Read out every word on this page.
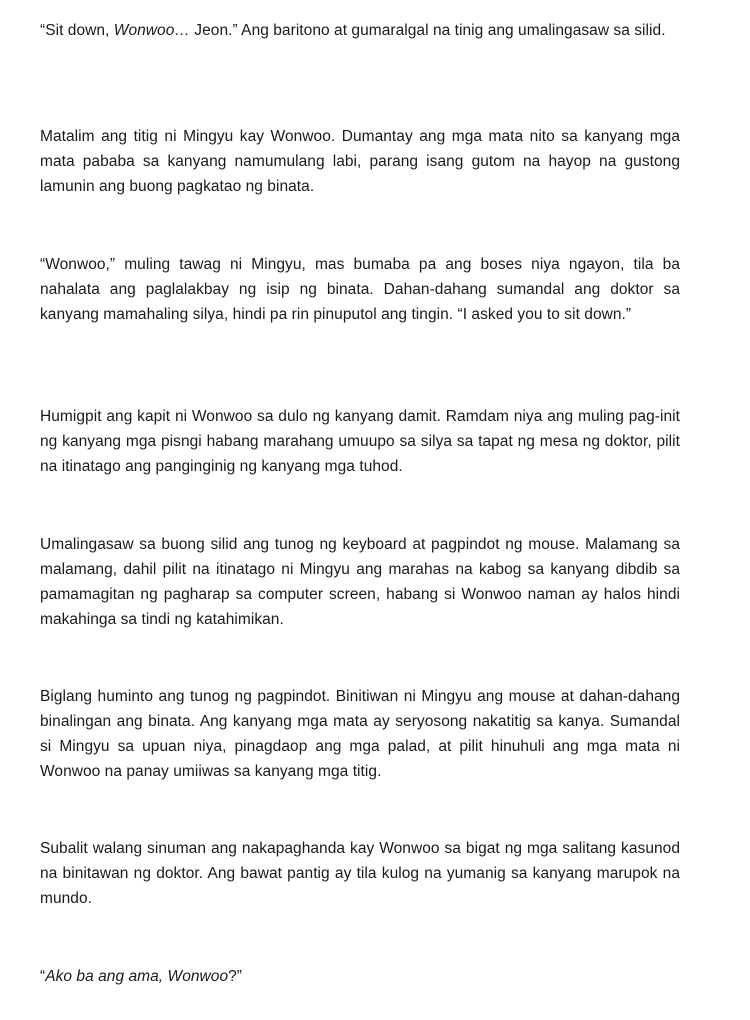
“Sit down, Wonwoo… Jeon.” Ang baritono at gumaralgal na tinig ang umalingasaw sa silid.

Matalim ang titig ni Mingyu kay Wonwoo. Dumantay ang mga mata nito sa kanyang mga mata pababa sa kanyang namumulang labi, parang isang gutom na hayop na gustong lamunin ang buong pagkatao ng binata.

“Wonwoo,” muling tawag ni Mingyu, mas bumaba pa ang boses niya ngayon, tila ba nahalata ang paglalakbay ng isip ng binata. Dahan-dahang sumandal ang doktor sa kanyang mamahaling silya, hindi pa rin pinuputol ang tingin. “I asked you to sit down.”

Humigpit ang kapit ni Wonwoo sa dulo ng kanyang damit. Ramdam niya ang muling pag-init ng kanyang mga pisngi habang marahang umuupo sa silya sa tapat ng mesa ng doktor, pilit na itinatago ang panginginig ng kanyang mga tuhod.

Umalingasaw sa buong silid ang tunog ng keyboard at pagpindot ng mouse. Malamang sa malamang, dahil pilit na itinatago ni Mingyu ang marahas na kabog sa kanyang dibdib sa pamamagitan ng pagharap sa computer screen, habang si Wonwoo naman ay halos hindi makahinga sa tindi ng katahimikan.

Biglang huminto ang tunog ng pagpindot. Binitiwan ni Mingyu ang mouse at dahan-dahang binalingan ang binata. Ang kanyang mga mata ay seryosong nakatitig sa kanya. Sumandal si Mingyu sa upuan niya, pinagdaop ang mga palad, at pilit hinuhuli ang mga mata ni Wonwoo na panay umiiwas sa kanyang mga titig.

Subalit walang sinuman ang nakapaghanda kay Wonwoo sa bigat ng mga salitang kasunod na binitawan ng doktor. Ang bawat pantig ay tila kulog na yumanig sa kanyang marupok na mundo.

“Ako ba ang ama, Wonwoo?”
